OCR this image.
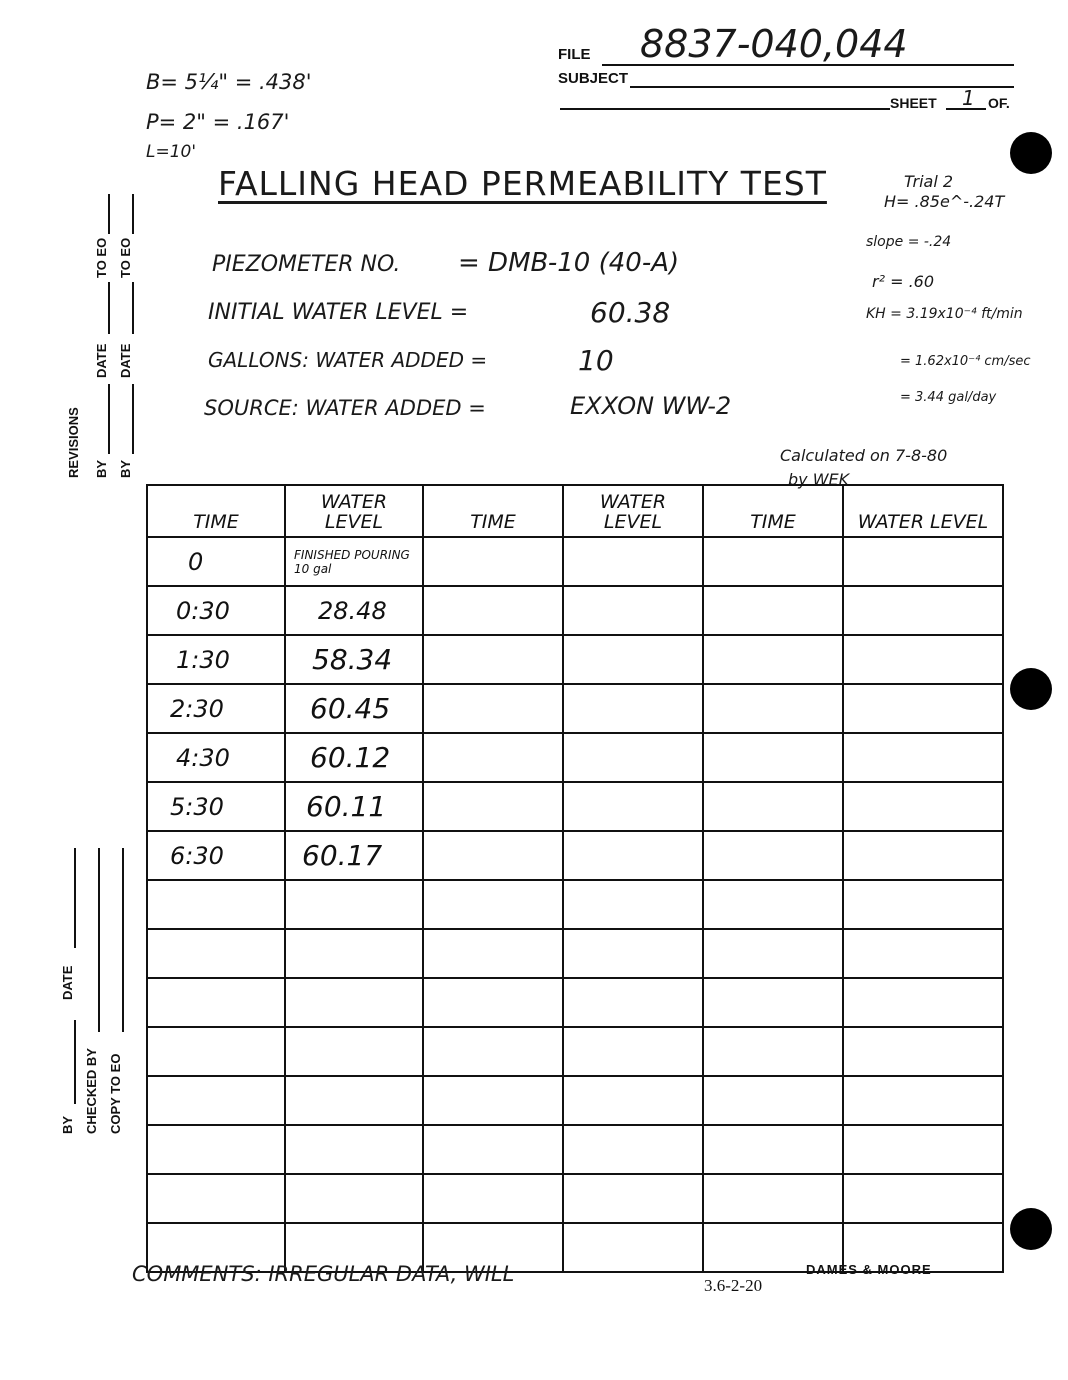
FILE 8837-040,044
SUBJECT
SHEET 1 OF.
B= 5¼" = .438'
P= 2" = .167'
L=10'
FALLING HEAD PERMEABILITY TEST
PIEZOMETER NO. = DMB-10 (40-A)
INITIAL WATER LEVEL =	60.38
GALLONS: WATER ADDED =	10
SOURCE: WATER ADDED =	EXXON WW-2
Trial 2
H= .85e^-.24T
slope = -.24
r² = .60
KH = 3.19x10⁻⁴ ft/min
= 1.62x10⁻⁴ cm/sec
= 3.44 gal/day
Calculated on 7-8-80
by WEK
REVISIONS BY
DATE
TO EO
BY
DATE
TO EO
BY
DATE
CHECKED BY COPY TO EO
TIME	WATER LEVEL	TIME	WATER LEVEL	TIME	WATER LEVEL
0	FINISHED POURING 10 gal				
0:30	28.48				
1:30	58.34				
2:30	60.45				
4:30	60.12				
5:30	60.11				
6:30	60.17				

COMMENTS: IRREGULAR DATA, WILL	DAMES & MOORE
3.6-2-20
